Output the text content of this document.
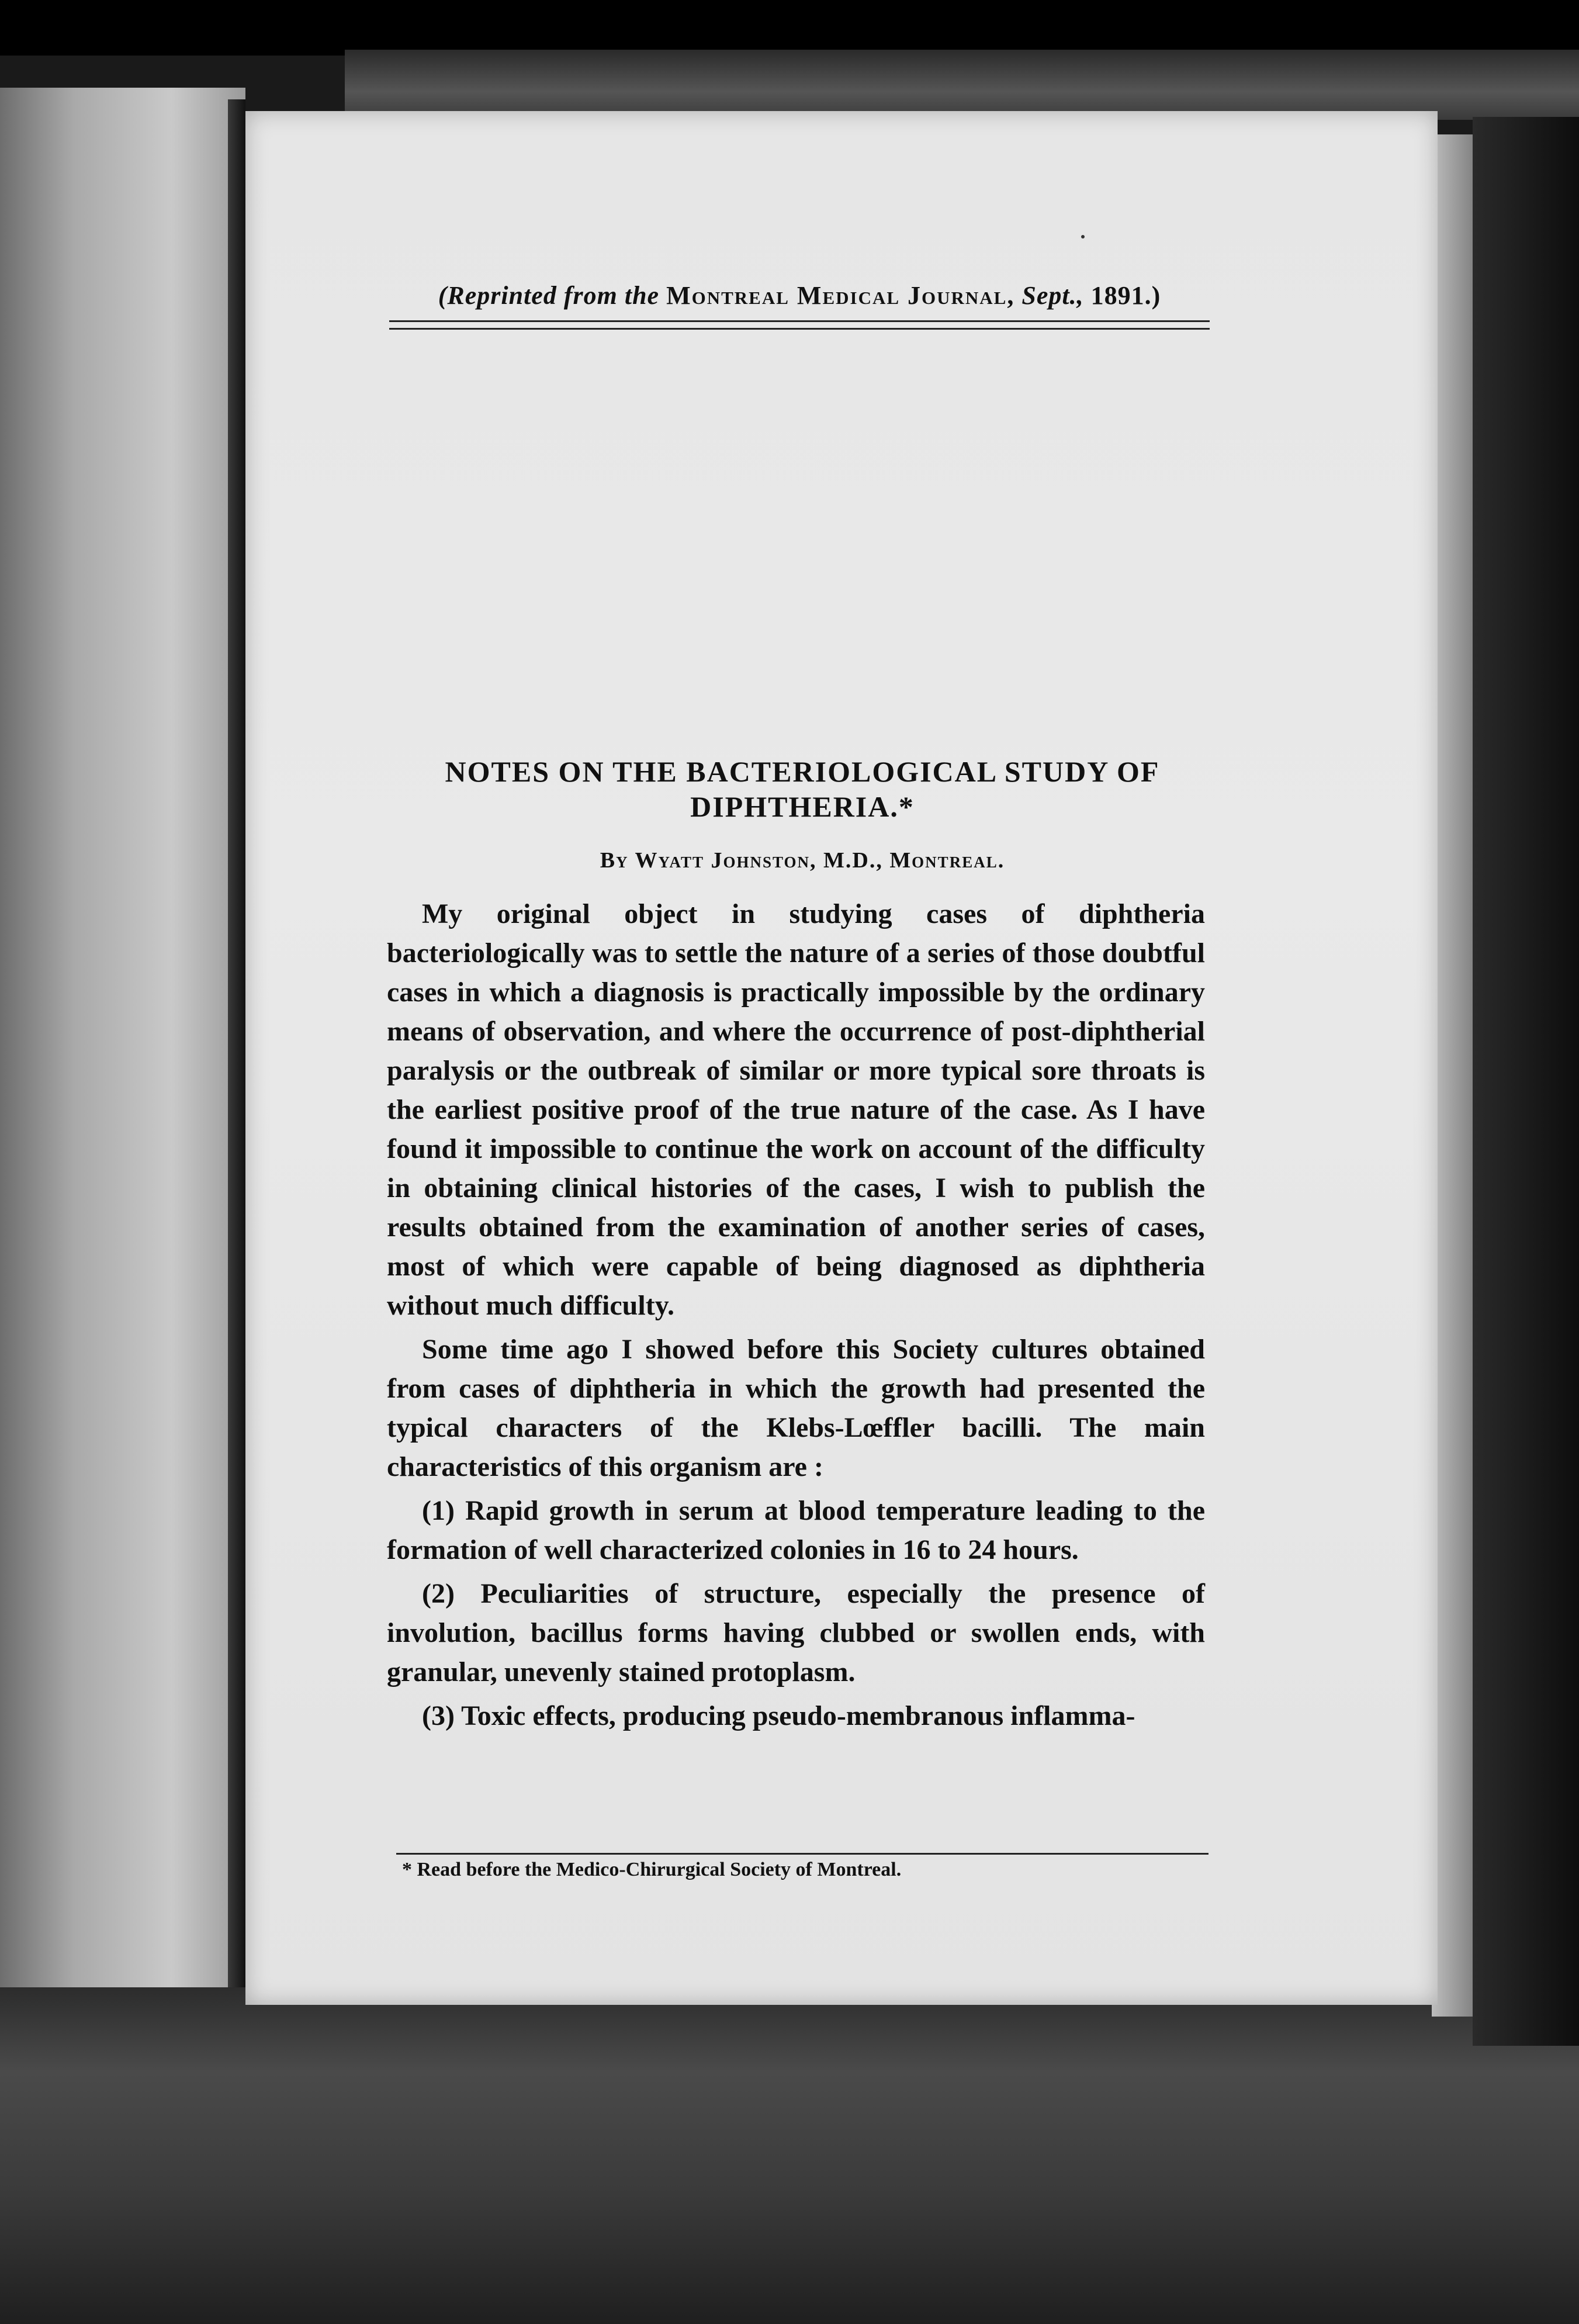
(Reprinted from the Montreal Medical Journal, Sept., 1891.)
NOTES ON THE BACTERIOLOGICAL STUDY OF
DIPHTHERIA.*
By Wyatt Johnston, M.D., Montreal.

My original object in studying cases of diphtheria bacteriologically was to settle the nature of a series of those doubtful cases in which a diagnosis is practically impossible by the ordinary means of observation, and where the occurrence of post-diphtherial paralysis or the outbreak of similar or more typical sore throats is the earliest positive proof of the true nature of the case. As I have found it impossible to continue the work on account of the difficulty in obtaining clinical histories of the cases, I wish to publish the results obtained from the examination of another series of cases, most of which were capable of being diagnosed as diphtheria without much difficulty.

Some time ago I showed before this Society cultures obtained from cases of diphtheria in which the growth had presented the typical characters of the Klebs-Lœffler bacilli. The main characteristics of this organism are :

(1) Rapid growth in serum at blood temperature leading to the formation of well characterized colonies in 16 to 24 hours.

(2) Peculiarities of structure, especially the presence of involution, bacillus forms having clubbed or swollen ends, with granular, unevenly stained protoplasm.

(3) Toxic effects, producing pseudo-membranous inflamma-

* Read before the Medico-Chirurgical Society of Montreal.
